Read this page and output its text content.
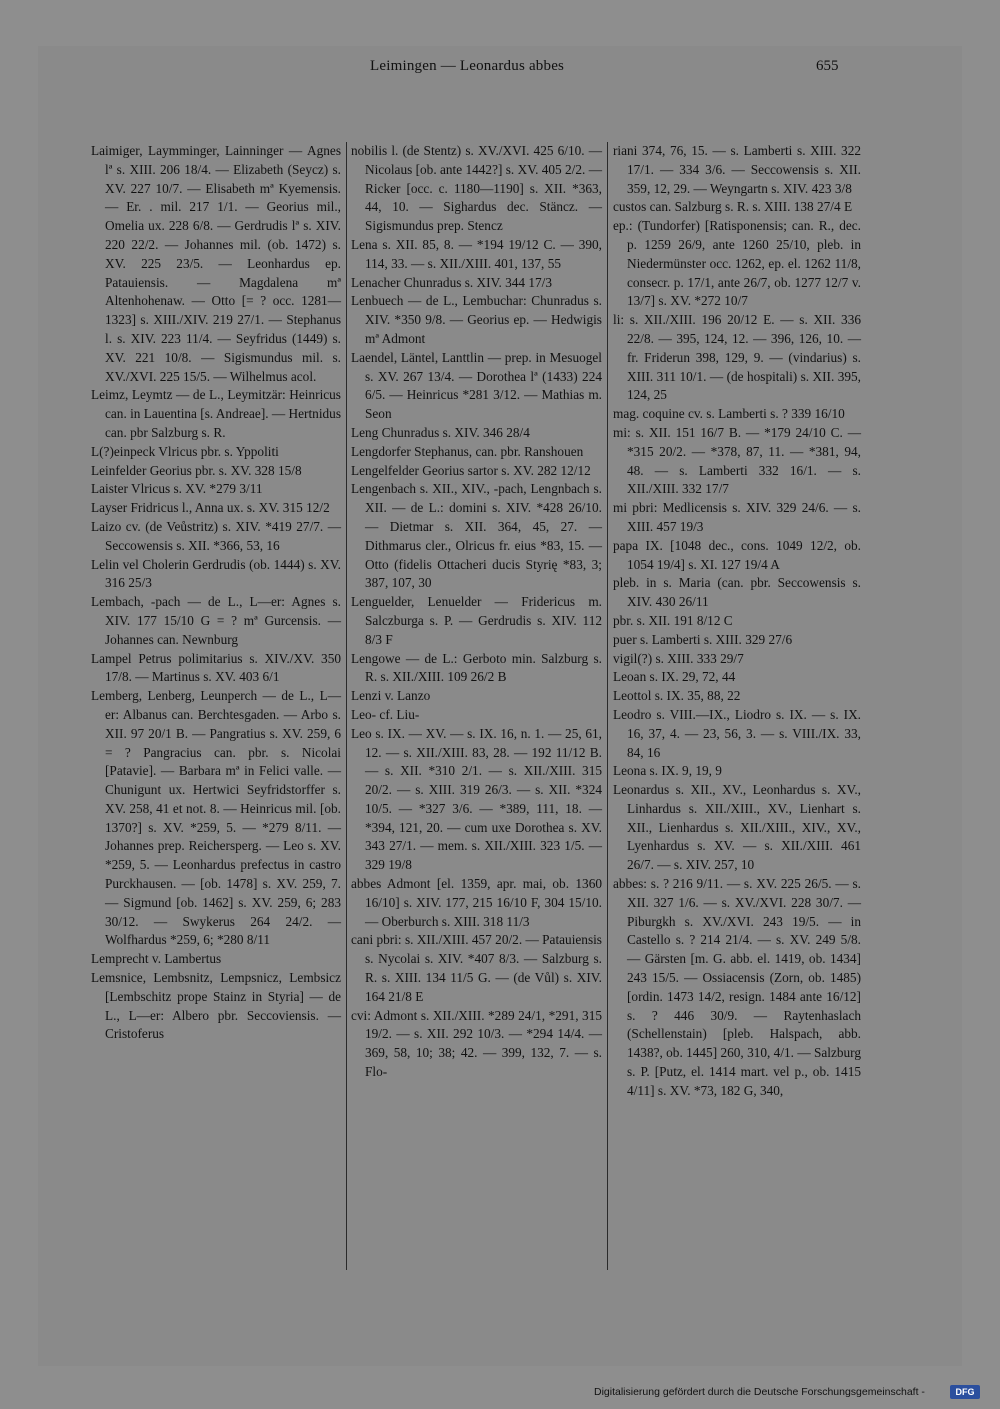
Leimingen — Leonardus abbes	655

Laimiger, Laymminger, Lainninger — Agnes lª s. XIII. 206 18/4. — Elizabeth (Seycz) s. XV. 227 10/7. — Elisabeth mª Kyemensis. — Er. . mil. 217 1/1. — Georius mil., Omelia ux. 228 6/8. — Gerdrudis lª s. XIV. 220 22/2. — Johannes mil. (ob. 1472) s. XV. 225 23/5. — Leonhardus ep. Patauiensis. — Magdalena mª Altenhohenaw. — Otto [= ? occ. 1281—1323] s. XIII./XIV. 219 27/1. — Stephanus l. s. XIV. 223 11/4. — Seyfridus (1449) s. XV. 221 10/8. — Sigismundus mil. s. XV./XVI. 225 15/5. — Wilhelmus acol.

Leimz, Leymtz — de L., Leymitzär: Heinricus can. in Lauentina [s. Andreae]. — Hertnidus can. pbr Salzburg s. R.

L(?)einpeck Vlricus pbr. s. Yppoliti

Leinfelder Georius pbr. s. XV. 328 15/8

Laister Vlricus s. XV. *279 3/11

Layser Fridricus l., Anna ux. s. XV. 315 12/2

Laizo cv. (de Veůstritz) s. XIV. *419 27/7. — Seccowensis s. XII. *366, 53, 16

Lelin vel Cholerin Gerdrudis (ob. 1444) s. XV. 316 25/3

Lembach, -pach — de L., L—er: Agnes s. XIV. 177 15/10 G = ? mª Gurcensis. — Johannes can. Newnburg

Lampel Petrus polimitarius s. XIV./XV. 350 17/8. — Martinus s. XV. 403 6/1

Lemberg, Lenberg, Leunperch — de L., L—er: Albanus can. Berchtesgaden. — Arbo s. XII. 97 20/1 B. — Pangratius s. XV. 259, 6 = ? Pangracius can. pbr. s. Nicolai [Patavie]. — Barbara mª in Felici valle. — Chunigunt ux. Hertwici Seyfridstorffer s. XV. 258, 41 et not. 8. — Heinricus mil. [ob. 1370?] s. XV. *259, 5. — *279 8/11. — Johannes prep. Reichersperg. — Leo s. XV. *259, 5. — Leonhardus prefectus in castro Purckhausen. — [ob. 1478] s. XV. 259, 7. — Sigmund [ob. 1462] s. XV. 259, 6; 283 30/12. — Swykerus 264 24/2. — Wolfhardus *259, 6; *280 8/11

Lemprecht v. Lambertus

Lemsnice, Lembsnitz, Lempsnicz, Lembsicz [Lembschitz prope Stainz in Styria] — de L., L—er: Albero pbr. Seccoviensis. — Cristoferus

nobilis l. (de Stentz) s. XV./XVI. 425 6/10. — Nicolaus [ob. ante 1442?] s. XV. 405 2/2. — Ricker [occ. c. 1180—1190] s. XII. *363, 44, 10. — Sighardus dec. Stäncz. — Sigismundus prep. Stencz

Lena s. XII. 85, 8. — *194 19/12 C. — 390, 114, 33. — s. XII./XIII. 401, 137, 55

Lenacher Chunradus s. XIV. 344 17/3

Lenbuech — de L., Lembuchar: Chunradus s. XIV. *350 9/8. — Georius ep. — Hedwigis mª Admont

Laendel, Läntel, Lanttlin — prep. in Mesuogel s. XV. 267 13/4. — Dorothea lª (1433) 224 6/5. — Heinricus *281 3/12. — Mathias m. Seon

Leng Chunradus s. XIV. 346 28/4

Lengdorfer Stephanus, can. pbr. Ranshouen

Lengelfelder Georius sartor s. XV. 282 12/12

Lengenbach s. XII., XIV., -pach, Lengnbach s. XII. — de L.: domini s. XIV. *428 26/10. — Dietmar s. XII. 364, 45, 27. — Dithmarus cler., Olricus fr. eius *83, 15. — Otto (fidelis Ottacheri ducis Styrię *83, 3; 387, 107, 30

Lenguelder, Lenuelder — Fridericus m. Salczburga s. P. — Gerdrudis s. XIV. 112 8/3 F

Lengowe — de L.: Gerboto min. Salzburg s. R. s. XII./XIII. 109 26/2 B

Lenzi v. Lanzo

Leo- cf. Liu-

Leo s. IX. — XV. — s. IX. 16, n. 1. — 25, 61, 12. — s. XII./XIII. 83, 28. — 192 11/12 B. — s. XII. *310 2/1. — s. XII./XIII. 315 20/2. — s. XIII. 319 26/3. — s. XII. *324 10/5. — *327 3/6. — *389, 111, 18. — *394, 121, 20. — cum uxe Dorothea s. XV. 343 27/1. — mem. s. XII./XIII. 323 1/5. — 329 19/8

abbes Admont [el. 1359, apr. mai, ob. 1360 16/10] s. XIV. 177, 215 16/10 F, 304 15/10. — Oberburch s. XIII. 318 11/3

cani pbri: s. XII./XIII. 457 20/2. — Patauiensis s. Nycolai s. XIV. *407 8/3. — Salzburg s. R. s. XIII. 134 11/5 G. — (de Vůl) s. XIV. 164 21/8 E

cvi: Admont s. XII./XIII. *289 24/1, *291, 315 19/2. — s. XII. 292 10/3. — *294 14/4. — 369, 58, 10; 38; 42. — 399, 132, 7. — s. Flo-

riani 374, 76, 15. — s. Lamberti s. XIII. 322 17/1. — 334 3/6. — Seccowensis s. XII. 359, 12, 29. — Weyngartn s. XIV. 423 3/8

custos can. Salzburg s. R. s. XIII. 138 27/4 E

ep.: (Tundorfer) [Ratisponensis; can. R., dec. p. 1259 26/9, ante 1260 25/10, pleb. in Niedermünster occ. 1262, ep. el. 1262 11/8, consecr. p. 17/1, ante 26/7, ob. 1277 12/7 v. 13/7] s. XV. *272 10/7

li: s. XII./XIII. 196 20/12 E. — s. XII. 336 22/8. — 395, 124, 12. — 396, 126, 10. — fr. Friderun 398, 129, 9. — (vindarius) s. XIII. 311 10/1. — (de hospitali) s. XII. 395, 124, 25

mag. coquine cv. s. Lamberti s. ? 339 16/10

mi: s. XII. 151 16/7 B. — *179 24/10 C. — *315 20/2. — *378, 87, 11. — *381, 94, 48. — s. Lamberti 332 16/1. — s. XII./XIII. 332 17/7

mi pbri: Medlicensis s. XIV. 329 24/6. — s. XIII. 457 19/3

papa IX. [1048 dec., cons. 1049 12/2, ob. 1054 19/4] s. XI. 127 19/4 A

pleb. in s. Maria (can. pbr. Seccowensis s. XIV. 430 26/11

pbr. s. XII. 191 8/12 C

puer s. Lamberti s. XIII. 329 27/6

vigil(?) s. XIII. 333 29/7

Leoan s. IX. 29, 72, 44

Leottol s. IX. 35, 88, 22

Leodro s. VIII.—IX., Liodro s. IX. — s. IX. 16, 37, 4. — 23, 56, 3. — s. VIII./IX. 33, 84, 16

Leona s. IX. 9, 19, 9

Leonardus s. XII., XV., Leonhardus s. XV., Linhardus s. XII./XIII., XV., Lienhart s. XII., Lienhardus s. XII./XIII., XIV., XV., Lyenhardus s. XV. — s. XII./XIII. 461 26/7. — s. XIV. 257, 10

abbes: s. ? 216 9/11. — s. XV. 225 26/5. — s. XII. 327 1/6. — s. XV./XVI. 228 30/7. — Piburgkh s. XV./XVI. 243 19/5. — in Castello s. ? 214 21/4. — s. XV. 249 5/8. — Gärsten [m. G. abb. el. 1419, ob. 1434] 243 15/5. — Ossiacensis (Zorn, ob. 1485) [ordin. 1473 14/2, resign. 1484 ante 16/12] s. ? 446 30/9. — Raytenhaslach (Schellenstain) [pleb. Halspach, abb. 1438?, ob. 1445] 260, 310, 4/1. — Salzburg s. P. [Putz, el. 1414 mart. vel p., ob. 1415 4/11] s. XV. *73, 182 G, 340,

Digitalisierung gefördert durch die Deutsche Forschungsgemeinschaft -	DFG
